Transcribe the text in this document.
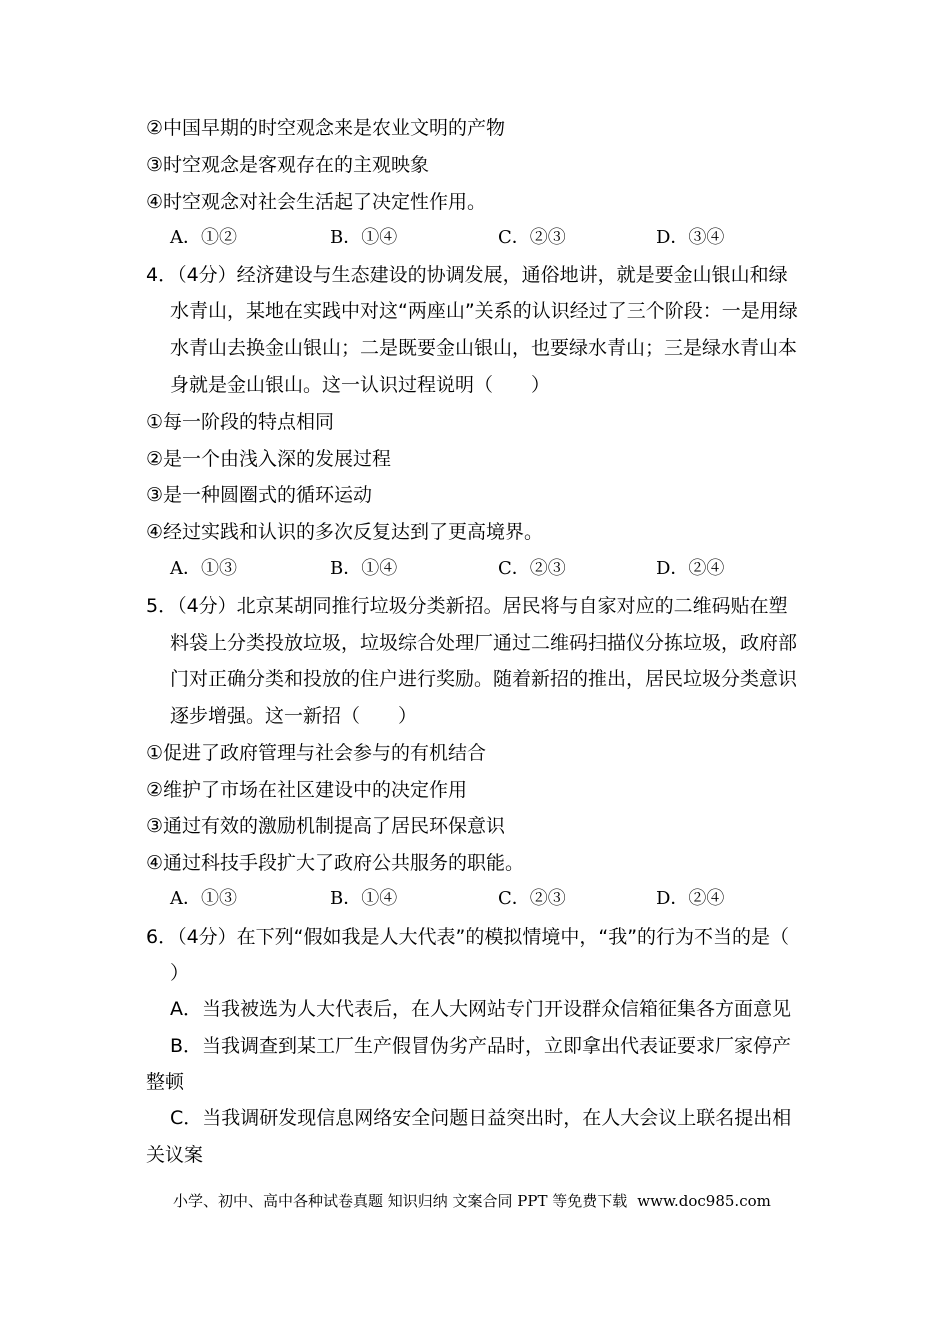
②中国早期的时空观念来是农业文明的产物
③时空观念是客观存在的主观映象
④时空观念对社会生活起了决定性作用。
A．①②	B．①④	C．②③	D．③④
4．（4分）经济建设与生态建设的协调发展，通俗地讲，就是要金山银山和绿
水青山，某地在实践中对这“两座山”关系的认识经过了三个阶段：一是用绿
水青山去换金山银山；二是既要金山银山，也要绿水青山；三是绿水青山本
身就是金山银山。这一认识过程说明（　　）
①每一阶段的特点相同
②是一个由浅入深的发展过程
③是一种圆圈式的循环运动
④经过实践和认识的多次反复达到了更高境界。
A．①③	B．①④	C．②③	D．②④
5．（4分）北京某胡同推行垃圾分类新招。居民将与自家对应的二维码贴在塑
料袋上分类投放垃圾，垃圾综合处理厂通过二维码扫描仪分拣垃圾，政府部
门对正确分类和投放的住户进行奖励。随着新招的推出，居民垃圾分类意识
逐步增强。这一新招（　　）
①促进了政府管理与社会参与的有机结合
②维护了市场在社区建设中的决定作用
③通过有效的激励机制提高了居民环保意识
④通过科技手段扩大了政府公共服务的职能。
A．①③	B．①④	C．②③	D．②④
6．（4分）在下列“假如我是人大代表”的模拟情境中，“我”的行为不当的是（
）
A．当我被选为人大代表后，在人大网站专门开设群众信箱征集各方面意见
B．当我调查到某工厂生产假冒伪劣产品时，立即拿出代表证要求厂家停产
整顿
C．当我调研发现信息网络安全问题日益突出时，在人大会议上联名提出相
关议案
小学、初中、高中各种试卷真题 知识归纳 文案合同 PPT 等免费下载 www.doc985.com
